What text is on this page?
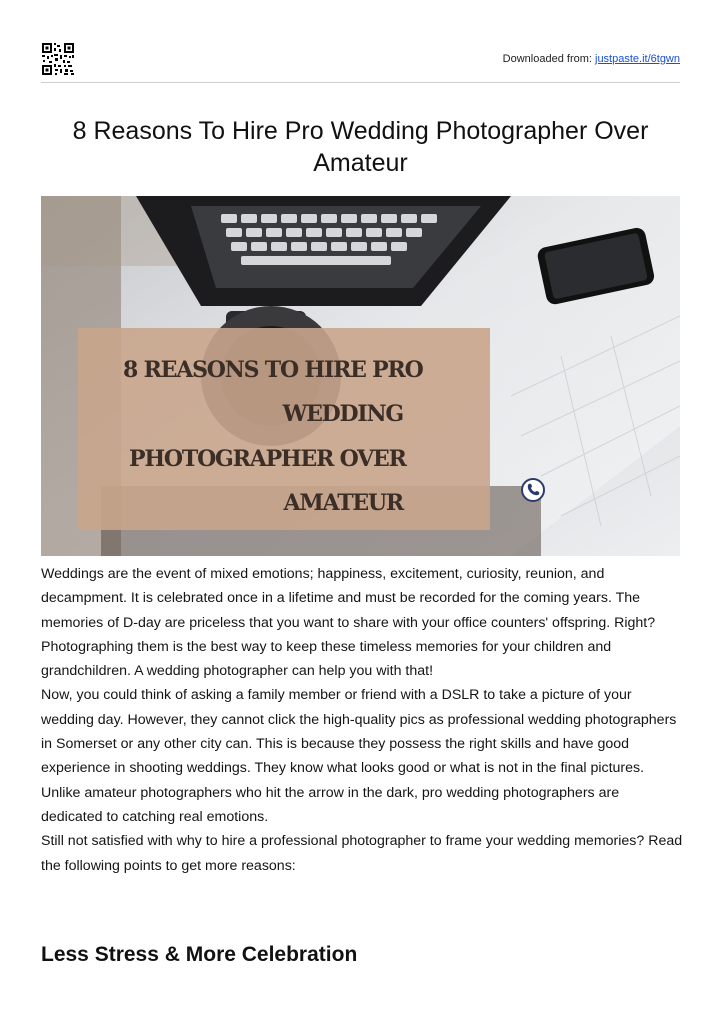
Downloaded from: justpaste.it/6tgwn
8 Reasons To Hire Pro Wedding Photographer Over Amateur
8 REASONS TO HIRE PRO
WEDDING
PHOTOGRAPHER OVER
AMATEUR

Weddings are the event of mixed emotions; happiness, excitement, curiosity, reunion, and decampment. It is celebrated once in a lifetime and must be recorded for the coming years. The memories of D-day are priceless that you want to share with your office counters' offspring. Right? Photographing them is the best way to keep these timeless memories for your children and grandchildren. A wedding photographer can help you with that!

Now, you could think of asking a family member or friend with a DSLR to take a picture of your wedding day. However, they cannot click the high-quality pics as professional wedding photographers in Somerset or any other city can. This is because they possess the right skills and have good experience in shooting weddings. They know what looks good or what is not in the final pictures. Unlike amateur photographers who hit the arrow in the dark, pro wedding photographers are dedicated to catching real emotions.

Still not satisfied with why to hire a professional photographer to frame your wedding memories? Read the following points to get more reasons:

Less Stress & More Celebration
